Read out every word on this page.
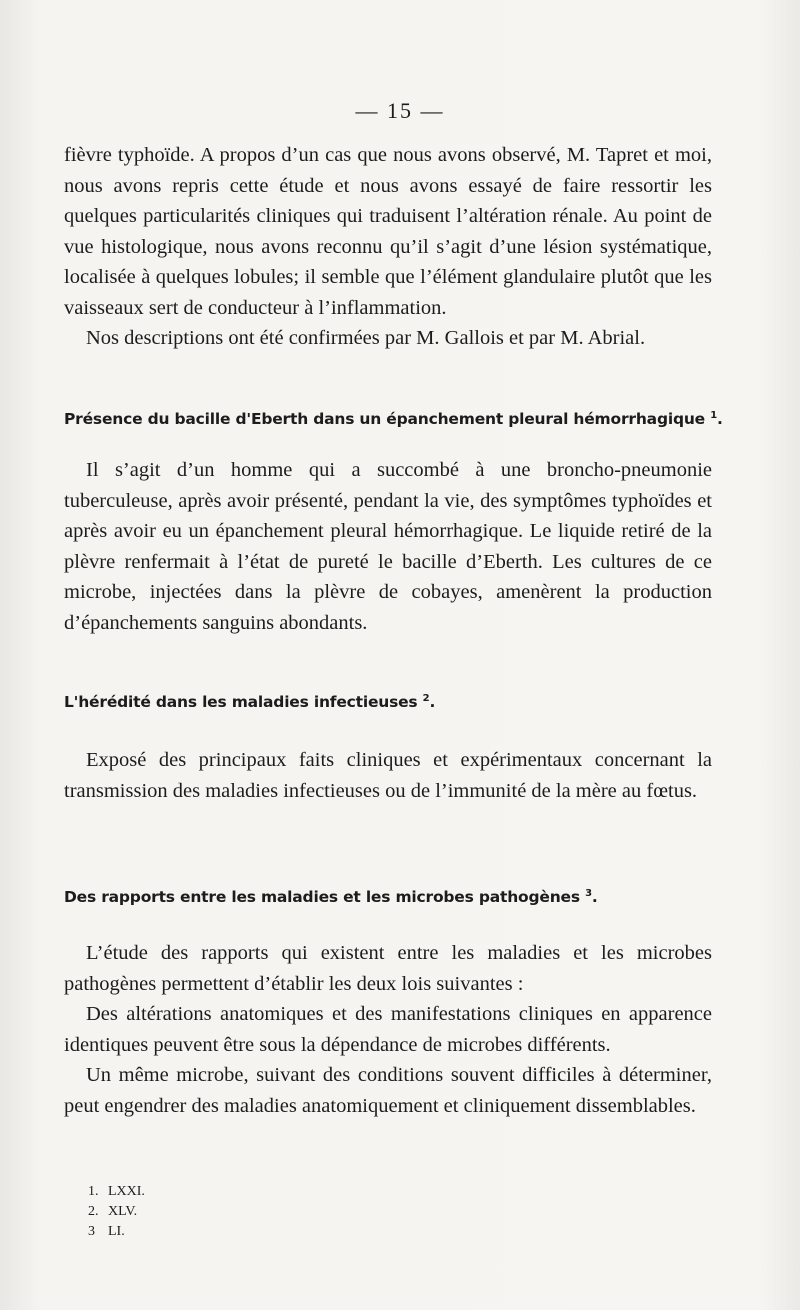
— 15 —

fièvre typhoïde. A propos d’un cas que nous avons observé, M. Tapret et moi, nous avons repris cette étude et nous avons essayé de faire ressortir les quelques particularités cliniques qui traduisent l’altération rénale. Au point de vue histologique, nous avons reconnu qu’il s’agit d’une lésion systématique, localisée à quelques lobules; il semble que l’élément glandulaire plutôt que les vaisseaux sert de conducteur à l’inflammation.

Nos descriptions ont été confirmées par M. Gallois et par M. Abrial.

Présence du bacille d'Eberth dans un épanchement pleural hémorrhagique $^1$.

Il s’agit d’un homme qui a succombé à une broncho-pneumonie tuberculeuse, après avoir présenté, pendant la vie, des symptômes typhoïdes et après avoir eu un épanchement pleural hémorrhagique. Le liquide retiré de la plèvre renfermait à l’état de pureté le bacille d’Eberth. Les cultures de ce microbe, injectées dans la plèvre de cobayes, amenèrent la production d’épanchements sanguins abondants.

L'hérédité dans les maladies infectieuses $^2$.

Exposé des principaux faits cliniques et expérimentaux concernant la transmission des maladies infectieuses ou de l’immunité de la mère au fœtus.

Des rapports entre les maladies et les microbes pathogènes $^3$.

L’étude des rapports qui existent entre les maladies et les microbes pathogènes permettent d’établir les deux lois suivantes :

Des altérations anatomiques et des manifestations cliniques en apparence identiques peuvent être sous la dépendance de microbes différents.

Un même microbe, suivant des conditions souvent difficiles à déterminer, peut engendrer des maladies anatomiquement et cliniquement dissemblables.

1. LXXI.
2. XLV.
3 LI.
